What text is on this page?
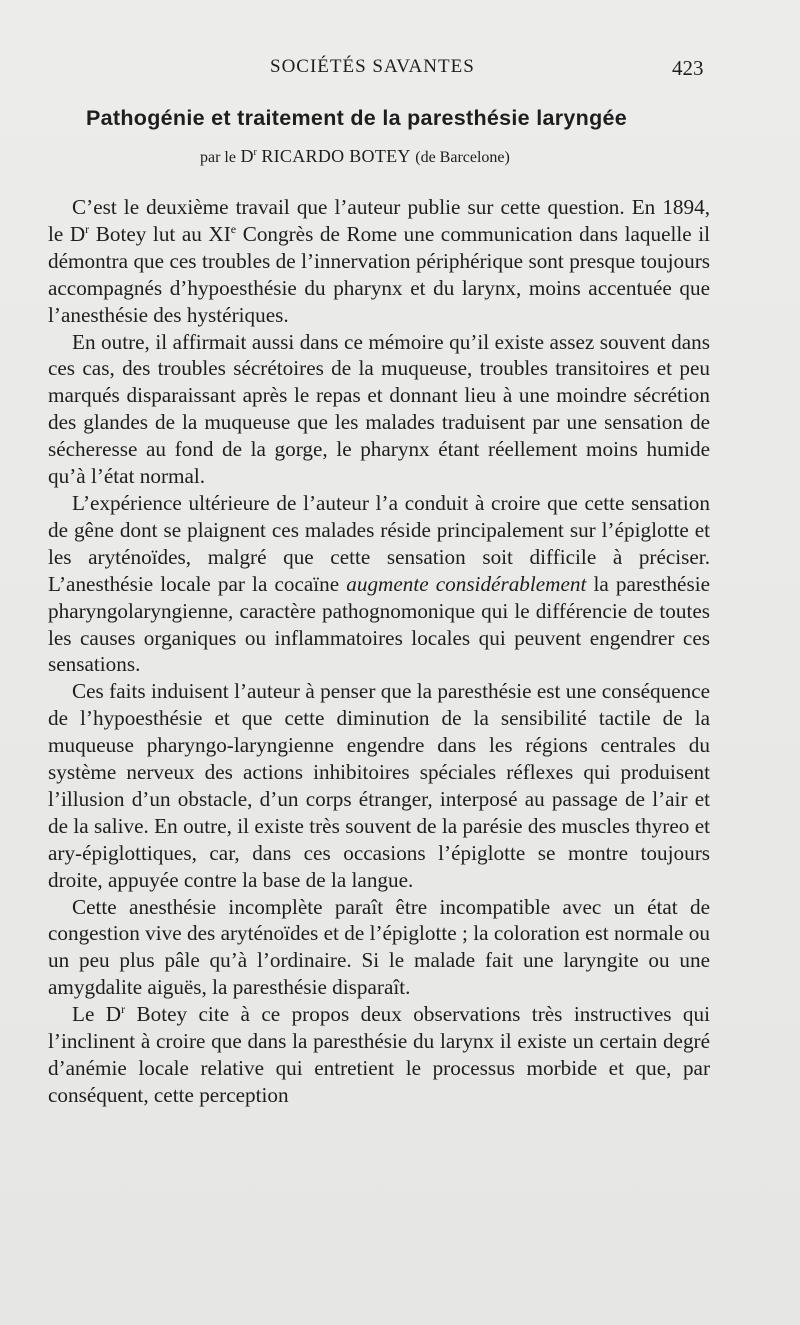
SOCIÉTÉS SAVANTES	423
Pathogénie et traitement de la paresthésie laryngée
par le $D^r$ RICARDO BOTEY (de Barcelone)

C’est le deuxième travail que l’auteur publie sur cette question. En 1894, le $D^r$ Botey lut au XIe Congrès de Rome une communication dans laquelle il démontra que ces troubles de l’innervation périphérique sont presque toujours accompagnés d’hypoesthésie du pharynx et du larynx, moins accentuée que l’anesthésie des hystériques.

En outre, il affirmait aussi dans ce mémoire qu’il existe assez souvent dans ces cas, des troubles sécrétoires de la muqueuse, troubles transitoires et peu marqués disparaissant après le repas et donnant lieu à une moindre sécrétion des glandes de la muqueuse que les malades traduisent par une sensation de sécheresse au fond de la gorge, le pharynx étant réellement moins humide qu’à l’état normal.

L’expérience ultérieure de l’auteur l’a conduit à croire que cette sensation de gêne dont se plaignent ces malades réside principalement sur l’épiglotte et les aryténoïdes, malgré que cette sensation soit difficile à préciser. L’anesthésie locale par la cocaïne augmente considérablement la paresthésie pharyngolaryngienne, caractère pathognomonique qui le différencie de toutes les causes organiques ou inflammatoires locales qui peuvent engendrer ces sensations.

Ces faits induisent l’auteur à penser que la paresthésie est une conséquence de l’hypoesthésie et que cette diminution de la sensibilité tactile de la muqueuse pharyngo-laryngienne engendre dans les régions centrales du système nerveux des actions inhibitoires spéciales réflexes qui produisent l’illusion d’un obstacle, d’un corps étranger, interposé au passage de l’air et de la salive. En outre, il existe très souvent de la parésie des muscles thyreo et ary-épiglottiques, car, dans ces occasions l’épiglotte se montre toujours droite, appuyée contre la base de la langue.

Cette anesthésie incomplète paraît être incompatible avec un état de congestion vive des aryténoïdes et de l’épiglotte ; la coloration est normale ou un peu plus pâle qu’à l’ordinaire. Si le malade fait une laryngite ou une amygdalite aiguës, la paresthésie disparaît.

Le $D^r$ Botey cite à ce propos deux observations très instructives qui l’inclinent à croire que dans la paresthésie du larynx il existe un certain degré d’anémie locale relative qui entretient le processus morbide et que, par conséquent, cette perception
